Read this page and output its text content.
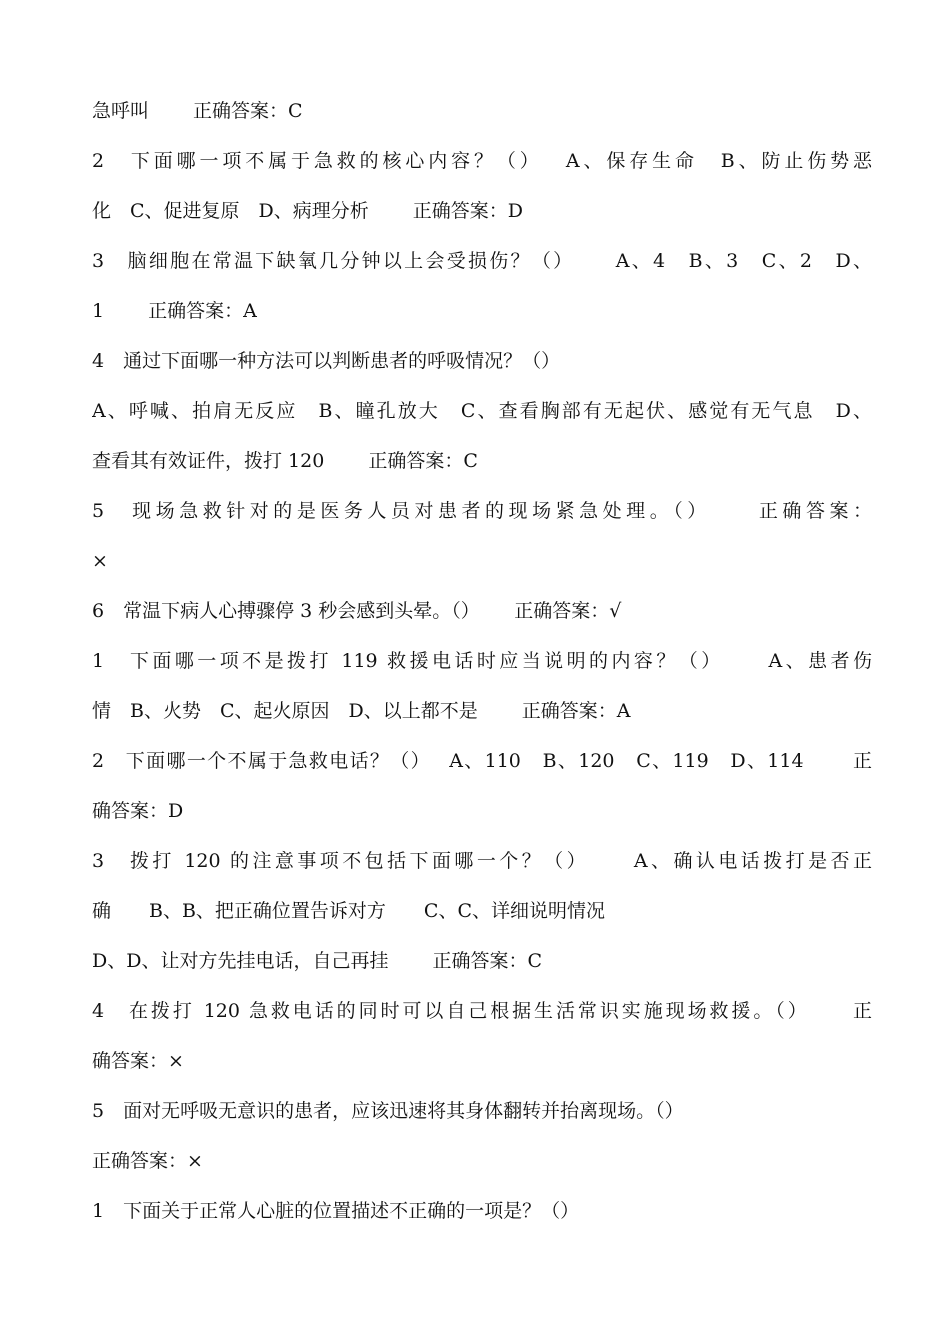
急呼叫　　 正确答案：C
2　下面哪一项不属于急救的核心内容？（）　 A、保存生命　B、防止伤势恶
化　C、促进复原　D、病理分析　　 正确答案：D
3　脑细胞在常温下缺氧几分钟以上会受损伤？（）　　 A、4　B、3　C、2　D、
1　　 正确答案：A
4　通过下面哪一种方法可以判断患者的呼吸情况？（）
A、呼喊、拍肩无反应　B、瞳孔放大　C、查看胸部有无起伏、感觉有无气息　D、
查看其有效证件，拨打 120　　 正确答案：C
5　现场急救针对的是医务人员对患者的现场紧急处理。（）　　 正确答案：
×
6　常温下病人心搏骤停 3 秒会感到头晕。（）　　 正确答案：√
1　下面哪一项不是拨打 119 救援电话时应当说明的内容？（）　　 A、患者伤
情　B、火势　C、起火原因　D、以上都不是　　 正确答案：A
2　下面哪一个不属于急救电话？（）　 A、110　B、120　C、119　D、114　　 正
确答案：D
3　拨打 120 的注意事项不包括下面哪一个？（）　　 A、确认电话拨打是否正
确　　B、B、把正确位置告诉对方　　C、C、详细说明情况
D、D、让对方先挂电话，自己再挂　　 正确答案：C
4　在拨打 120 急救电话的同时可以自己根据生活常识实施现场救援。（）　　 正
确答案：×
5　面对无呼吸无意识的患者，应该迅速将其身体翻转并抬离现场。（）
正确答案：×
1　下面关于正常人心脏的位置描述不正确的一项是？（）
